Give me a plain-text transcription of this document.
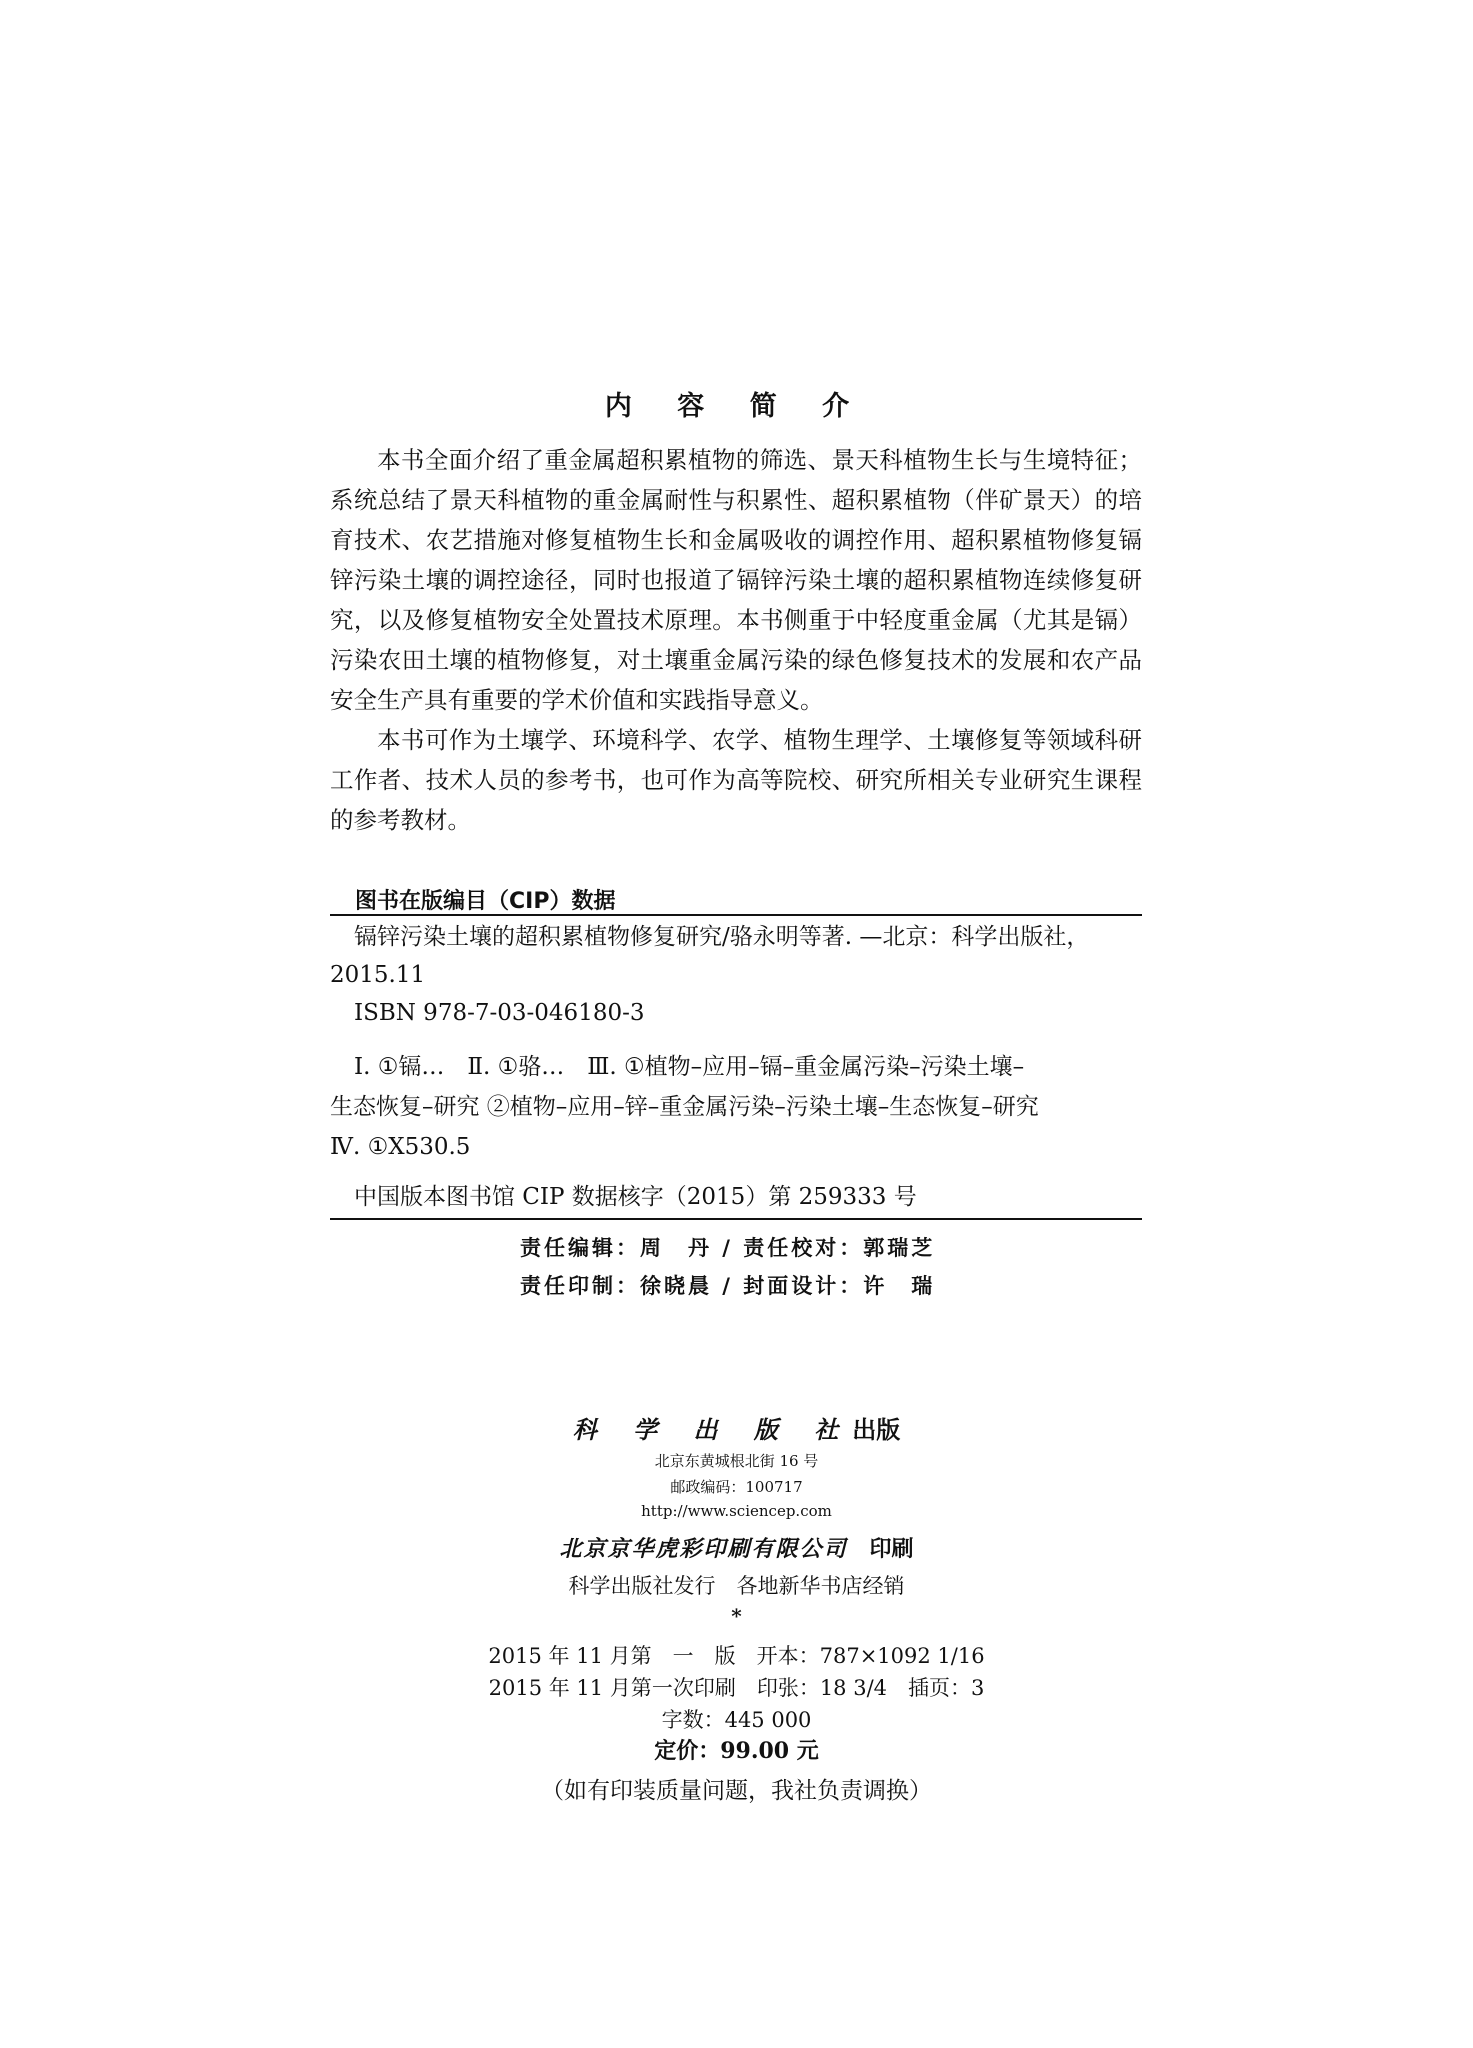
内 容 简 介

本书全面介绍了重金属超积累植物的筛选、景天科植物生长与生境特征；系统总结了景天科植物的重金属耐性与积累性、超积累植物（伴矿景天）的培育技术、农艺措施对修复植物生长和金属吸收的调控作用、超积累植物修复镉锌污染土壤的调控途径，同时也报道了镉锌污染土壤的超积累植物连续修复研究，以及修复植物安全处置技术原理。本书侧重于中轻度重金属（尤其是镉）污染农田土壤的植物修复，对土壤重金属污染的绿色修复技术的发展和农产品安全生产具有重要的学术价值和实践指导意义。

本书可作为土壤学、环境科学、农学、植物生理学、土壤修复等领域科研工作者、技术人员的参考书，也可作为高等院校、研究所相关专业研究生课程的参考教材。

图书在版编目（CIP）数据
镉锌污染土壤的超积累植物修复研究/骆永明等著. —北京：科学出版社，
2015.11
ISBN 978-7-03-046180-3
Ⅰ. ①镉…　Ⅱ. ①骆…　Ⅲ. ①植物–应用–镉–重金属污染–污染土壤–
生态恢复–研究 ②植物–应用–锌–重金属污染–污染土壤–生态恢复–研究
Ⅳ. ①X530.5
中国版本图书馆 CIP 数据核字（2015）第 259333 号
责任编辑：周　丹 / 责任校对：郭瑞芝
责任印制：徐晓晨 / 封面设计：许　瑞
科 学 出 版 社出版
北京东黄城根北街 16 号
邮政编码：100717
http://www.sciencep.com
北京京华虎彩印刷有限公司　 印刷
科学出版社发行　各地新华书店经销
*
2015 年 11 月第　一　版　开本：787×1092 1/16
2015 年 11 月第一次印刷　印张：18 3/4　插页：3
字数：445 000
定价：99.00 元
（如有印装质量问题，我社负责调换）
